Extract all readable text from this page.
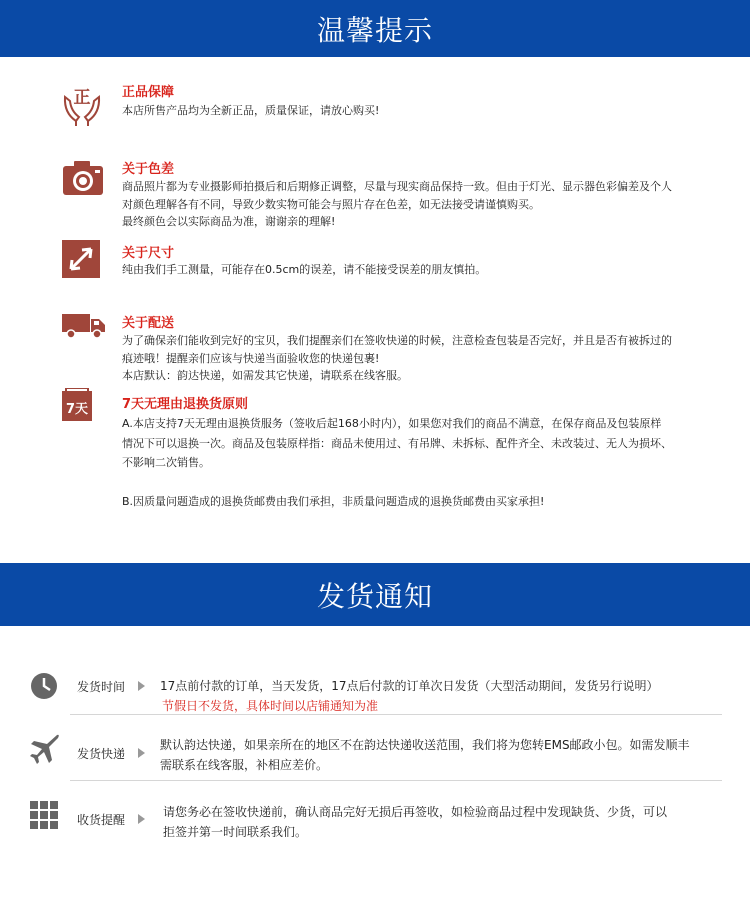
温馨提示
正 正品保障
本店所售产品均为全新正品，质量保证，请放心购买!
关于色差
商品照片都为专业摄影师拍摄后和后期修正调整，尽量与现实商品保持一致。但由于灯光、显示器色彩偏差及个人
对颜色理解各有不同，导致少数实物可能会与照片存在色差，如无法接受请谨慎购买。
最终颜色会以实际商品为准，谢谢亲的理解!
关于尺寸
纯由我们手工测量，可能存在0.5cm的误差，请不能接受误差的朋友慎拍。
关于配送
为了确保亲们能收到完好的宝贝，我们提醒亲们在签收快递的时候，注意检查包装是否完好，并且是否有被拆过的
痕迹哦！提醒亲们应该与快递当面验收您的快递包裹!
本店默认：韵达快递，如需发其它快递，请联系在线客服。
7天	7天无理由退换货原则
A.本店支持7天无理由退换货服务（签收后起168小时内），如果您对我们的商品不满意，在保存商品及包装原样
情况下可以退换一次。商品及包装原样指：商品未使用过、有吊牌、未拆标、配件齐全、未改装过、无人为损坏、
不影响二次销售。
B.因质量问题造成的退换货邮费由我们承担，非质量问题造成的退换货邮费由买家承担!
发货通知
发货时间	17点前付款的订单，当天发货，17点后付款的订单次日发货（大型活动期间，发货另行说明）
节假日不发货，具体时间以店铺通知为准
发货快递
默认韵达快递，如果亲所在的地区不在韵达快递收送范围，我们将为您转EMS邮政小包。如需发顺丰
需联系在线客服，补相应差价。
收货提醒
请您务必在签收快递前，确认商品完好无损后再签收，如检验商品过程中发现缺货、少货，可以
拒签并第一时间联系我们。
